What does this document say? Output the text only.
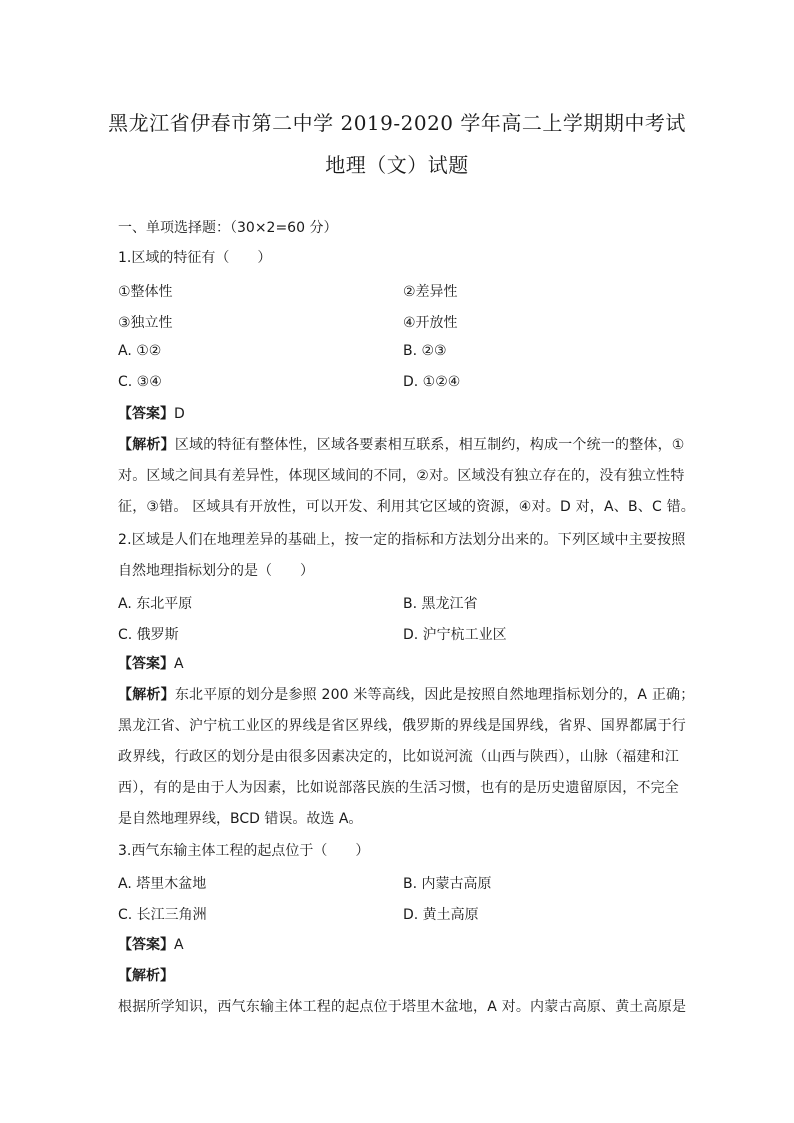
黑龙江省伊春市第二中学 2019-2020 学年高二上学期期中考试
地理（文）试题
一、单项选择题：（30×2=60 分）
1.区域的特征有（　　）
①整体性	②差异性
③独立性	④开放性
A. ①②	B. ②③
C. ③④	D. ①②④
【答案】D
【解析】区域的特征有整体性，区域各要素相互联系，相互制约，构成一个统一的整体，①
对。区域之间具有差异性，体现区域间的不同，②对。区域没有独立存在的，没有独立性特
征，③错。 区域具有开放性，可以开发、利用其它区域的资源，④对。D 对，A、B、C 错。
2.区域是人们在地理差异的基础上，按一定的指标和方法划分出来的。下列区域中主要按照
自然地理指标划分的是（　　）
A. 东北平原	B. 黑龙江省
C. 俄罗斯	D. 沪宁杭工业区
【答案】A
【解析】东北平原的划分是参照 200 米等高线，因此是按照自然地理指标划分的，A 正确；
黑龙江省、沪宁杭工业区的界线是省区界线，俄罗斯的界线是国界线，省界、国界都属于行
政界线，行政区的划分是由很多因素决定的，比如说河流（山西与陕西），山脉（福建和江
西），有的是由于人为因素，比如说部落民族的生活习惯，也有的是历史遗留原因，不完全
是自然地理界线，BCD 错误。故选 A。
3.西气东输主体工程的起点位于（　　）
A. 塔里木盆地	B. 内蒙古高原
C. 长江三角洲	D. 黄土高原
【答案】A
【解析】
根据所学知识，西气东输主体工程的起点位于塔里木盆地，A 对。内蒙古高原、黄土高原是
